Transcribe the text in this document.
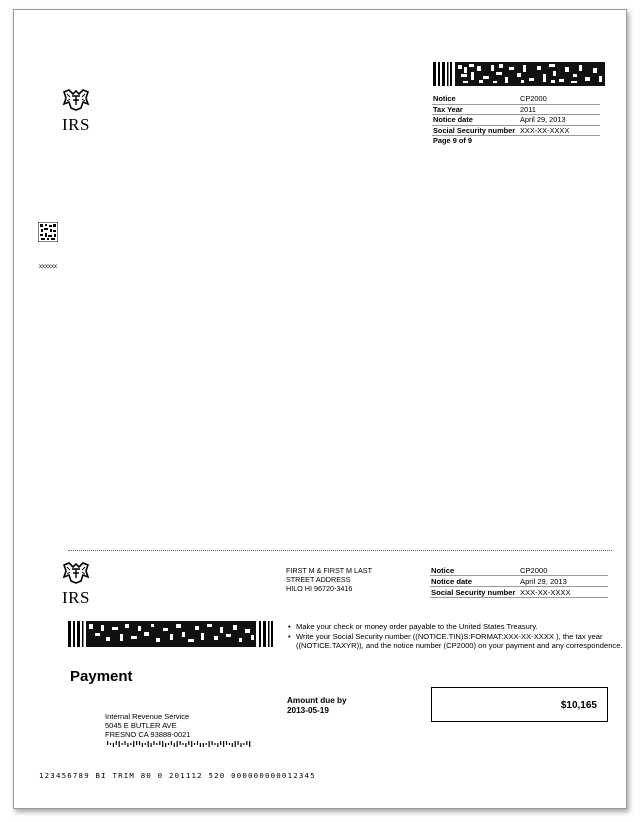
IRS
Notice	CP2000
Tax Year	2011
Notice date	April 29, 2013
Social Security number	XXX-XX-XXXX
Page 9 of 9	
xxxxxx
IRS
FIRST M & FIRST M LAST
STREET ADDRESS
HILO HI 96720-3416
Notice	CP2000
Notice date	April 29, 2013
Social Security number	XXX-XX-XXXX
• Make your check or money order payable to the United States Treasury.
• Write your Social Security number ((NOTICE.TIN)S:FORMAT:XXX-XX-XXXX ), the tax year ((NOTICE.TAXYR)), and the notice number (CP2000) on your payment and any correspondence.
Payment
Amount due by
2013-05-19	$10,165
Internal Revenue Service
5045 E BUTLER AVE
FRESNO CA 93888-0021
123456789 BI TRIM 80 0 201112 520 000000000012345
